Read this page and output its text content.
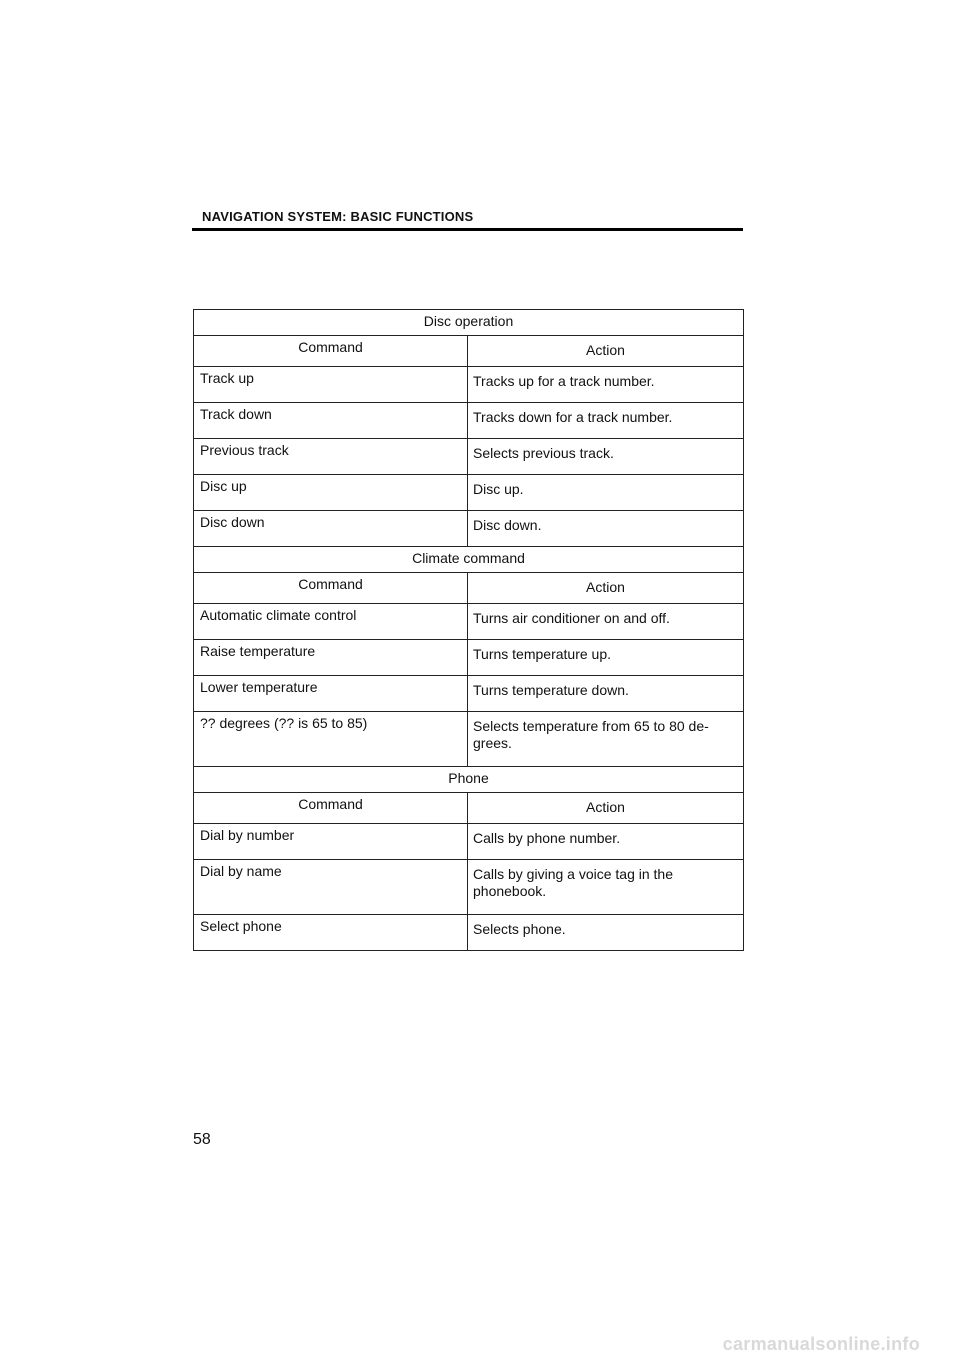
NAVIGATION SYSTEM: BASIC FUNCTIONS
Disc operation	
Command	Action
Track up	Tracks up for a track number.
Track down	Tracks down for a track number.
Previous track	Selects previous track.
Disc up	Disc up.
Disc down	Disc down.
Climate command	
Command	Action
Automatic climate control	Turns air conditioner on and off.
Raise temperature	Turns temperature up.
Lower temperature	Turns temperature down.
?? degrees (?? is 65 to 85)	Selects temperature from 65 to 80 de-
grees.
Phone	
Command	Action
Dial by number	Calls by phone number.
Dial by name	Calls by giving a voice tag in the
phonebook.
Select phone	Selects phone.
58
carmanualsonline.info
